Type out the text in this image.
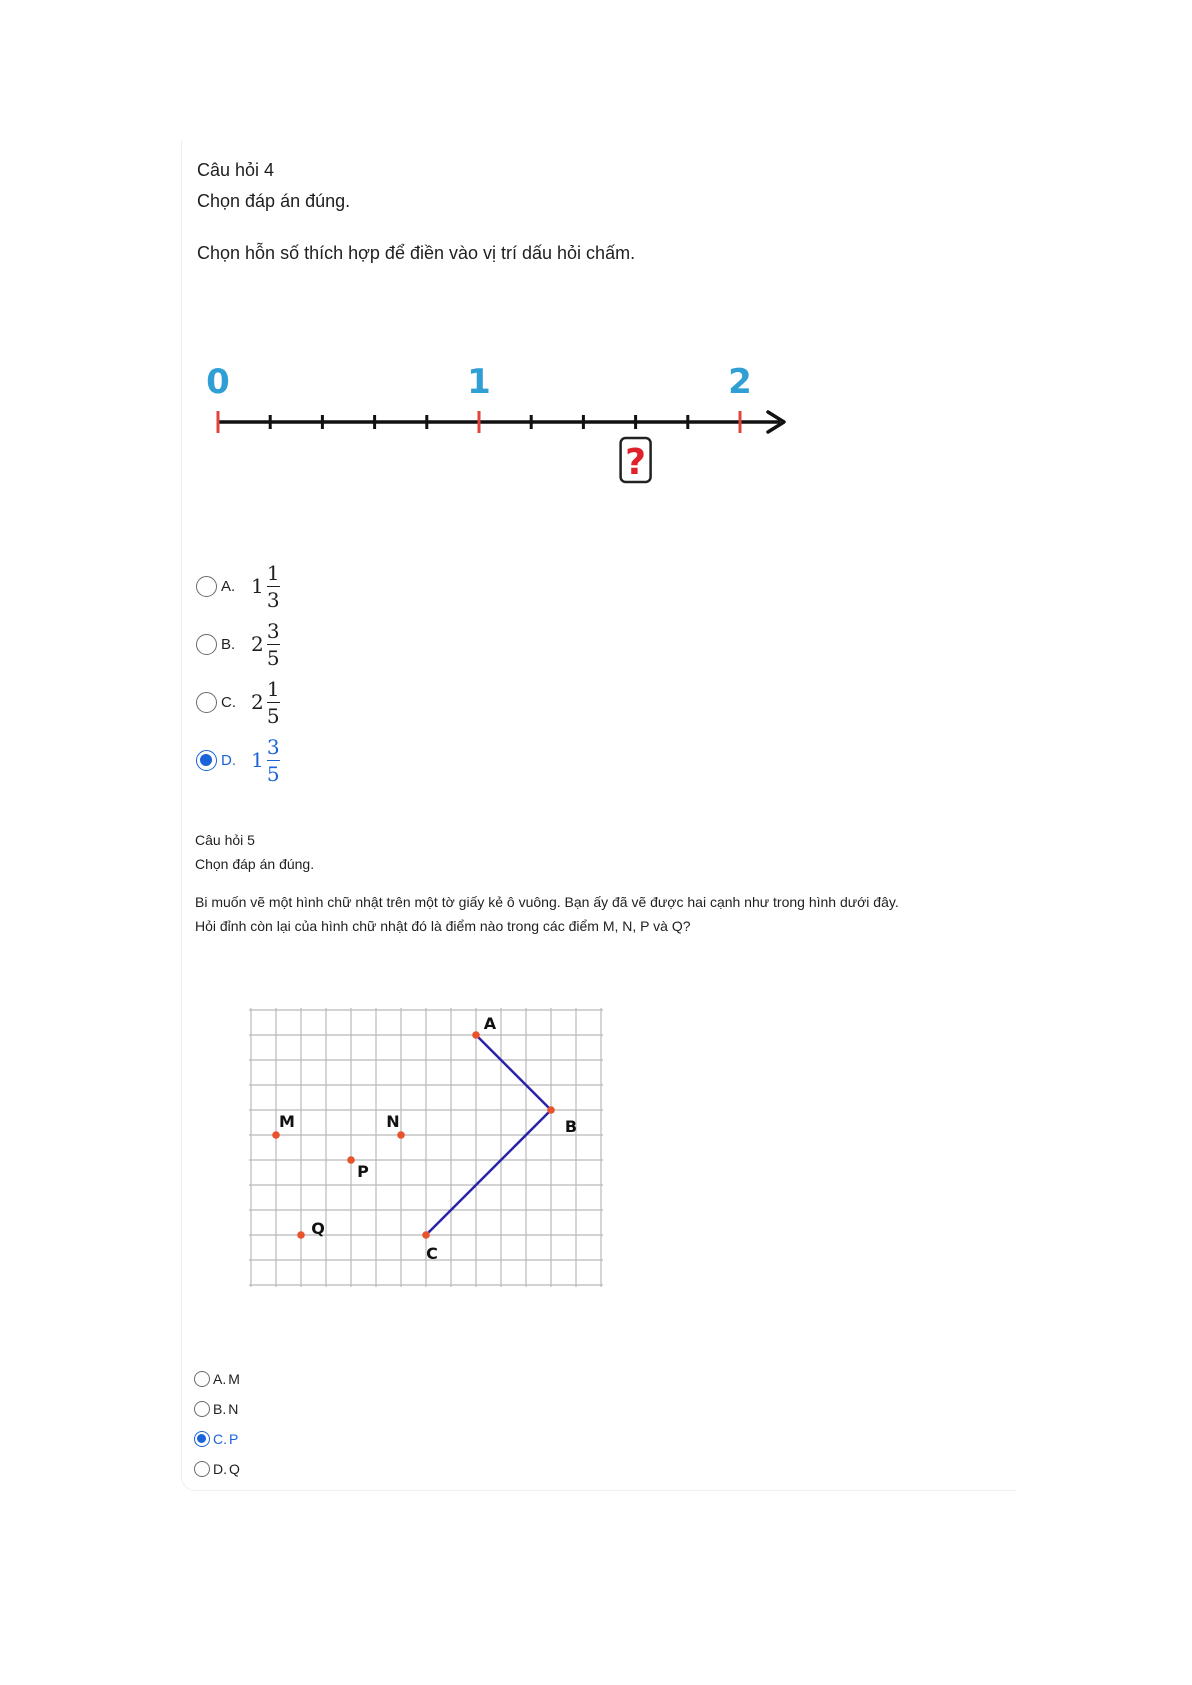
Câu hỏi 4
Chọn đáp án đúng.
Chọn hỗn số thích hợp để điền vào vị trí dấu hỏi chấm.
0	1	2
?
A. $1 \frac{1}{3}$
B. $2 \frac{3}{5}$
C. $2 \frac{1}{5}$
D. $1 \frac{3}{5}$
Câu hỏi 5
Chọn đáp án đúng.
Bi muốn vẽ một hình chữ nhật trên một tờ giấy kẻ ô vuông. Bạn ấy đã vẽ được hai cạnh như trong hình dưới đây.
Hỏi đỉnh còn lại của hình chữ nhật đó là điểm nào trong các điểm M, N, P và Q?
A
B
C
M	N
P
Q
A. M
B. N
C. P
D. Q
